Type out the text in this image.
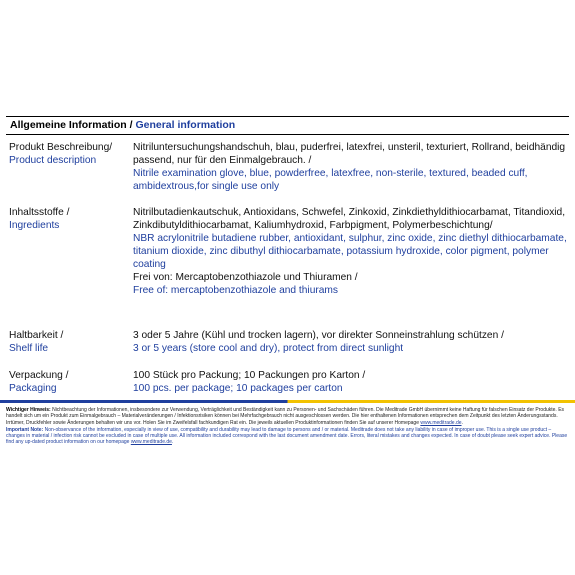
Allgemeine Information / General information
Produkt Beschreibung/
Product description
Nitriluntersuchungshandschuh, blau, puderfrei, latexfrei, unsteril, texturiert, Rollrand, beidhändig passend, nur für den Einmalgebrauch. /
Nitrile examination glove, blue, powderfree, latexfree, non-sterile, textured, beaded cuff, ambidextrous,for single use only
Inhaltsstoffe /
Ingredients
Nitrilbutadienkautschuk, Antioxidans, Schwefel, Zinkoxid, Zinkdiethyldithiocarbamat, Titandioxid, Zinkdibutyldithiocarbamat, Kaliumhydroxid, Farbpigment, Polymerbeschichtung/
NBR acrylonitrile butadiene rubber, antioxidant, sulphur, zinc oxide, zinc diethyl dithiocarbamate, titanium dioxide, zinc dibuthyl dithiocarbamate, potassium hydroxide, color pigment, polymer coating
Frei von: Mercaptobenzothiazole und Thiuramen /
Free of: mercaptobenzothiazole and thiurams
Haltbarkeit /
Shelf life
3 oder 5 Jahre (Kühl und trocken lagern), vor direkter Sonneinstrahlung schützen /
3 or 5 years (store cool and dry), protect from direct sunlight
Verpackung /
Packaging
100 Stück pro Packung; 10 Packungen pro Karton /
100 pcs. per package; 10 packages per carton

Wichtiger Hinweis: Nichtbeachtung der Informationen, insbesondere zur Verwendung, Verträglichkeit und Beständigkeit kann zu Personen- und Sachschäden führen. Die Meditrade GmbH übernimmt keine Haftung für falschen Einsatz der Produkte. Es handelt sich um ein Produkt zum Einmalgebrauch – Materialveränderungen / Infektionsrisiken können bei Mehrfachgebrauch nicht ausgeschlossen werden. Die hier enthaltenen Informationen entsprechen dem Zeitpunkt des letzten Änderungsstands. Irrtümer, Druckfehler sowie Änderungen behalten wir uns vor. Holen Sie im Zweifelsfall fachkundigen Rat ein. Die jeweils aktuellen Produktinformationen finden Sie auf unserer Homepage www.meditrade.de.

Important Note: Non-observance of the information, especially in view of use, compatibility and durability may lead to damage to persons and / or material. Meditrade does not take any liability in case of improper use. This is a single use product – changes in material / infection risk cannot be excluded in case of multiple use. All information included correspond with the last document amendment date. Errors, literal mistakes and changes expected. In case of doubt please seek expert advice. Please find any up-dated product information on our homepage www.meditrade.de.
